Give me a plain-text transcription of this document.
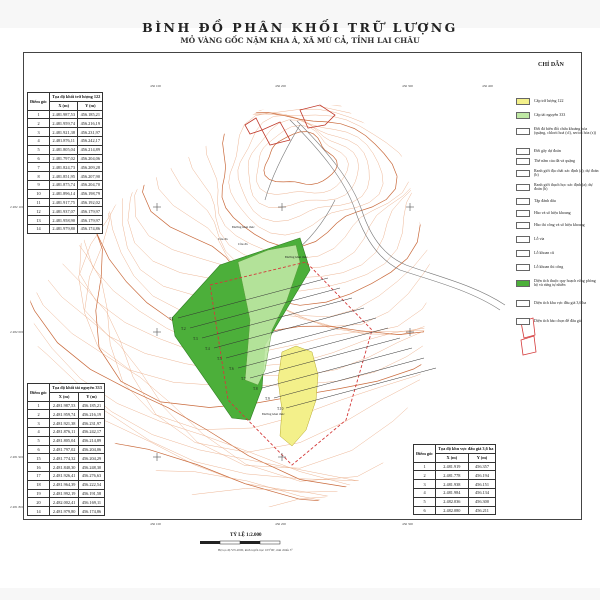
BÌNH ĐỒ PHÂN KHỐI TRỮ LƯỢNG
MỎ VÀNG GỐC NẬM KHA Á, XÃ MÙ CẢ, TỈNH LAI CHÂU
T.1
T.2
T.3
T.4
T.5
T.6
T.7
T.8
T.9
T.10
Đường khai thác
Đường khai thác
Đường khai thác
Cầu đá
Cầu đá
456 100	456 200	456 300	456 400
2 482 100
2 482 000
2 481 900
2 481 800
456 100	456 200	456 300
Điểm góc	Tọa độ khối trữ lượng 122	
	X (m)	Y (m)
1	2.481.987,53	456.185,21
2	2.481.959,74	456.216,19
3	2.481.921,38	456.231,97
4	2.481.876,11	456.242,17
5	2.481.805,04	456.214,89
6	2.481.797,02	456.204,06
7	2.481.824,73	456.209,28
8	2.481.851,95	456.207,90
9	2.481.875,74	456.204,70
10	2.481.896,14	456.198,79
11	2.481.917,75	456.192,02
12	2.481.937,07	456.179,97
13	2.481.958,90	456.179,97
14	2.481.979,80	456.174,86
Điểm góc	Tọa độ khối tài nguyên 333	
	X (m)	Y (m)
1	2.481.987,53	456.185,21
2	2.481.959,74	456.216,19
3	2.481.921,38	456.231,97
4	2.481.876,11	456.242,17
5	2.481.805,04	456.214,89
6	2.481.797,02	456.204,06
15	2.481.774,32	456.204,29
16	2.481.840,30	456.248,30
17	2.481.926,41	456.276,63
18	2.481.964,39	456.222,54
19	2.481.992,19	456.191,58
20	2.482.002,41	456.169,11
14	2.481.979,80	456.174,86
Điểm góc	Tọa độ khu vực đấu giá 3,6 ha	
	X (m)	Y (m)
1	2.481.919	456.357
2	2.481.778	456.194
3	2.481.938	456.151
4	2.481.984	456.134
5	2.482.036	456.300
6	2.482.080	456.211
CHỈ DẪN
Cấp trữ lượng 122
Cấp tài nguyên 333
Đới đá biến đổi chứa khoáng hóa (quặng, chlorit hoá (cl), sericit hóa (s))
Đới gãy dự đoán
Thế nằm của đá và quặng
Ranh giới địa chất xác định (a); dự đoán (b)
Ranh giới thạch học xác định (a); dự đoán (b)
Tập đánh dấu
Hào và số hiệu khoang
Hào thi công và số hiệu khoang
Lỗ vỉa
Lỗ khoan cũ
Lỗ khoan thi công
Diện tích thuộc quy hoạch rừng phòng hộ và rừng tự nhiên
Diện tích khu vực đấu giá 3,6 ha
Diện tích hào chọn để đấu giá
TỶ LỆ 1:2.000
Hệ tọa độ VN-2000, kinh tuyến trục 103°00', múi chiếu 3°
